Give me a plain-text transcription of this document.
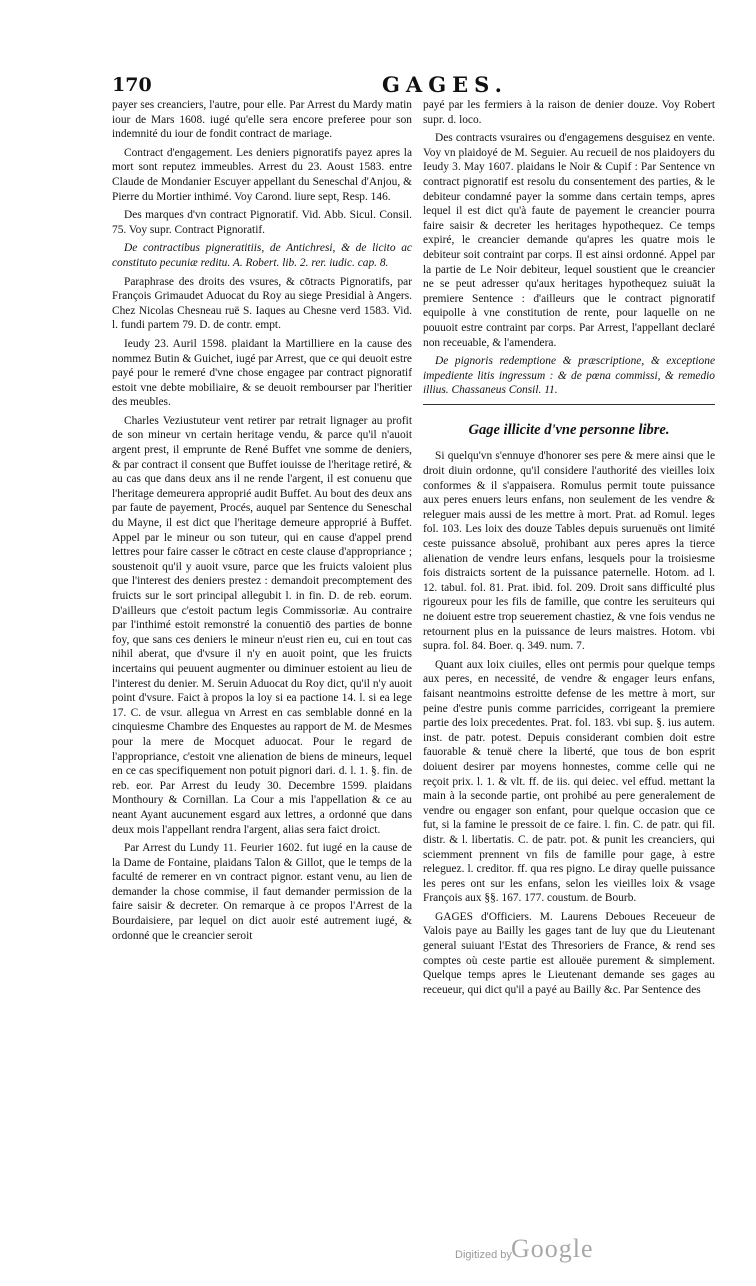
170	GAGES.

payer ses creanciers, l'autre, pour elle. Par Arrest du Mardy matin iour de Mars 1608. iugé qu'elle sera encore preferee pour son indemnité du iour de fondit contract de mariage.

Contract d'engagement. Les deniers pignoratifs payez apres la mort sont reputez immeubles. Arrest du 23. Aoust 1583. entre Claude de Mondanier Escuyer appellant du Seneschal d'Anjou, & Pierre du Mortier inthimé. Voy Carond. liure sept, Resp. 146.

Des marques d'vn contract Pignoratif. Vid. Abb. Sicul. Consil. 75. Voy supr. Contract Pignoratif.

De contractibus pigneratitiis, de Antichresi, & de licito ac constituto pecuniæ reditu. A. Robert. lib. 2. rer. iudic. cap. 8.

Paraphrase des droits des vsures, & cōtracts Pignoratifs, par François Grimaudet Aduocat du Roy au siege Presidial à Angers. Chez Nicolas Chesneau ruë S. Iaques au Chesne verd 1583. Vid. l. fundi partem 79. D. de contr. empt.

Ieudy 23. Auril 1598. plaidant la Martilliere en la cause des nommez Butin & Guichet, iugé par Arrest, que ce qui deuoit estre payé pour le remeré d'vne chose engagee par contract pignoratif estoit vne debte mobiliaire, & se deuoit rembourser par l'heritier des meubles.

Charles Veziustuteur vent retirer par retrait lignager au profit de son mineur vn certain heritage vendu, & parce qu'il n'auoit argent prest, il emprunte de René Buffet vne somme de deniers, & par contract il consent que Buffet iouisse de l'heritage retiré, & au cas que dans deux ans il ne rende l'argent, il est conuenu que l'heritage demeurera approprié audit Buffet. Au bout des deux ans par faute de payement, Procés, auquel par Sentence du Seneschal du Mayne, il est dict que l'heritage demeure approprié à Buffet. Appel par le mineur ou son tuteur, qui en cause d'appel prend lettres pour faire casser le cōtract en ceste clause d'appropriance ; soustenoit qu'il y auoit vsure, parce que les fruicts valoient plus que l'interest des deniers prestez : demandoit precomptement des fruicts sur le sort principal allegubit l. in fin. D. de reb. eorum. D'ailleurs que c'estoit pactum legis Commissoriæ. Au contraire par l'inthimé estoit remonstré la conuentiō des parties de bonne foy, que sans ces deniers le mineur n'eust rien eu, cui en tout cas nihil aberat, que d'vsure il n'y en auoit point, que les fruicts incertains qui peuuent augmenter ou diminuer estoient au lieu de l'interest du denier. M. Seruin Aduocat du Roy dict, qu'il n'y auoit point d'vsure. Faict à propos la loy si ea pactione 14. l. si ea lege 17. C. de vsur. allegua vn Arrest en cas semblable donné en la cinquiesme Chambre des Enquestes au rapport de M. de Mesmes pour la mere de Mocquet aduocat. Pour le regard de l'appropriance, c'estoit vne alienation de biens de mineurs, lequel en ce cas specifiquement non potuit pignori dari. d. l. 1. §. fin. de reb. eor. Par Arrest du Ieudy 30. Decembre 1599. plaidans Monthoury & Cornillan. La Cour a mis l'appellation & ce au neant Ayant aucunement esgard aux lettres, a ordonné que dans deux mois l'appellant rendra l'argent, alias sera faict droict.

Par Arrest du Lundy 11. Feurier 1602. fut iugé en la cause de la Dame de Fontaine, plaidans Talon & Gillot, que le temps de la faculté de remerer en vn contract pignor. estant venu, au lien de demander la chose commise, il faut demander permission de la faire saisir & decreter. On remarque à ce propos l'Arrest de la Bourdaisiere, par lequel on dict auoir esté autrement iugé, & ordonné que le creancier seroit

payé par les fermiers à la raison de denier douze. Voy Robert supr. d. loco.

Des contracts vsuraires ou d'engagemens desguisez en vente. Voy vn plaidoyé de M. Seguier. Au recueil de nos plaidoyers du Ieudy 3. May 1607. plaidans le Noir & Cupif : Par Sentence vn contract pignoratif est resolu du consentement des parties, & le debiteur condamné payer la somme dans certain temps, apres lequel il est dict qu'à faute de payement le creancier pourra faire saisir & decreter les heritages hypothequez. Ce temps expiré, le creancier demande qu'apres les quatre mois le debiteur soit contraint par corps. Il est ainsi ordonné. Appel par la partie de Le Noir debiteur, lequel soustient que le creancier ne se peut adresser qu'aux heritages hypothequez suiuāt la premiere Sentence : d'ailleurs que le contract pignoratif equipolle à vne constitution de rente, pour laquelle on ne pouuoit estre contraint par corps. Par Arrest, l'appellant declaré non receuable, & l'amendera.

De pignoris redemptione & præscriptione, & exceptione impediente litis ingressum : & de pœna commissi, & remedio illius. Chassaneus Consil. 11.

Gage illicite d'vne personne libre.

Si quelqu'vn s'ennuye d'honorer ses pere & mere ainsi que le droit diuin ordonne, qu'il considere l'authorité des vieilles loix conformes & il s'appaisera. Romulus permit toute puissance aux peres enuers leurs enfans, non seulement de les vendre & releguer mais aussi de les mettre à mort. Prat. ad Romul. leges fol. 103. Les loix des douze Tables depuis suruenuës ont limité ceste puissance absoluë, prohibant aux peres apres la tierce alienation de vendre leurs enfans, lesquels pour la troisiesme fois distraicts sortent de la puissance paternelle. Hotom. ad l. 12. tabul. fol. 81. Prat. ibid. fol. 209. Droit sans difficulté plus rigoureux pour les fils de famille, que contre les seruiteurs qui ne doiuent estre trop seuerement chastiez, & vne fois vendus ne retournent plus en la puissance de leurs maistres. Hotom. vbi supra. fol. 84. Boer. q. 349. num. 7.

Quant aux loix ciuiles, elles ont permis pour quelque temps aux peres, en necessité, de vendre & engager leurs enfans, faisant neantmoins estroitte defense de les mettre à mort, sur peine d'estre punis comme parricides, corrigeant la premiere partie des loix precedentes. Prat. fol. 183. vbi sup. §. ius autem. inst. de patr. potest. Depuis considerant combien doit estre fauorable & tenuë chere la liberté, que tous de bon esprit doiuent desirer par moyens honnestes, comme celle qui ne reçoit prix. l. 1. & vlt. ff. de iis. qui deiec. vel effud. mettant la main à la seconde partie, ont prohibé au pere generalement de vendre ou engager son enfant, pour quelque occasion que ce fut, si la famine le pressoit de ce faire. l. fin. C. de patr. qui fil. distr. & l. libertatis. C. de patr. pot. & punit les creanciers, qui sciemment prennent vn fils de famille pour gage, à estre releguez. l. creditor. ff. qua res pigno. Le diray quelle puissance les peres ont sur les enfans, selon les vieilles loix & vsage François aux §§. 167. 177. coustum. de Bourb.

GAGES d'Officiers. M. Laurens Deboues Receueur de Valois paye au Bailly les gages tant de luy que du Lieutenant general suiuant l'Estat des Thresoriers de France, & rend ses comptes où ceste partie est allouëe purement & simplement. Quelque temps apres le Lieutenant demande ses gages au receueur, qui dict qu'il a payé au Bailly &c. Par Sentence des

Digitized by Google
